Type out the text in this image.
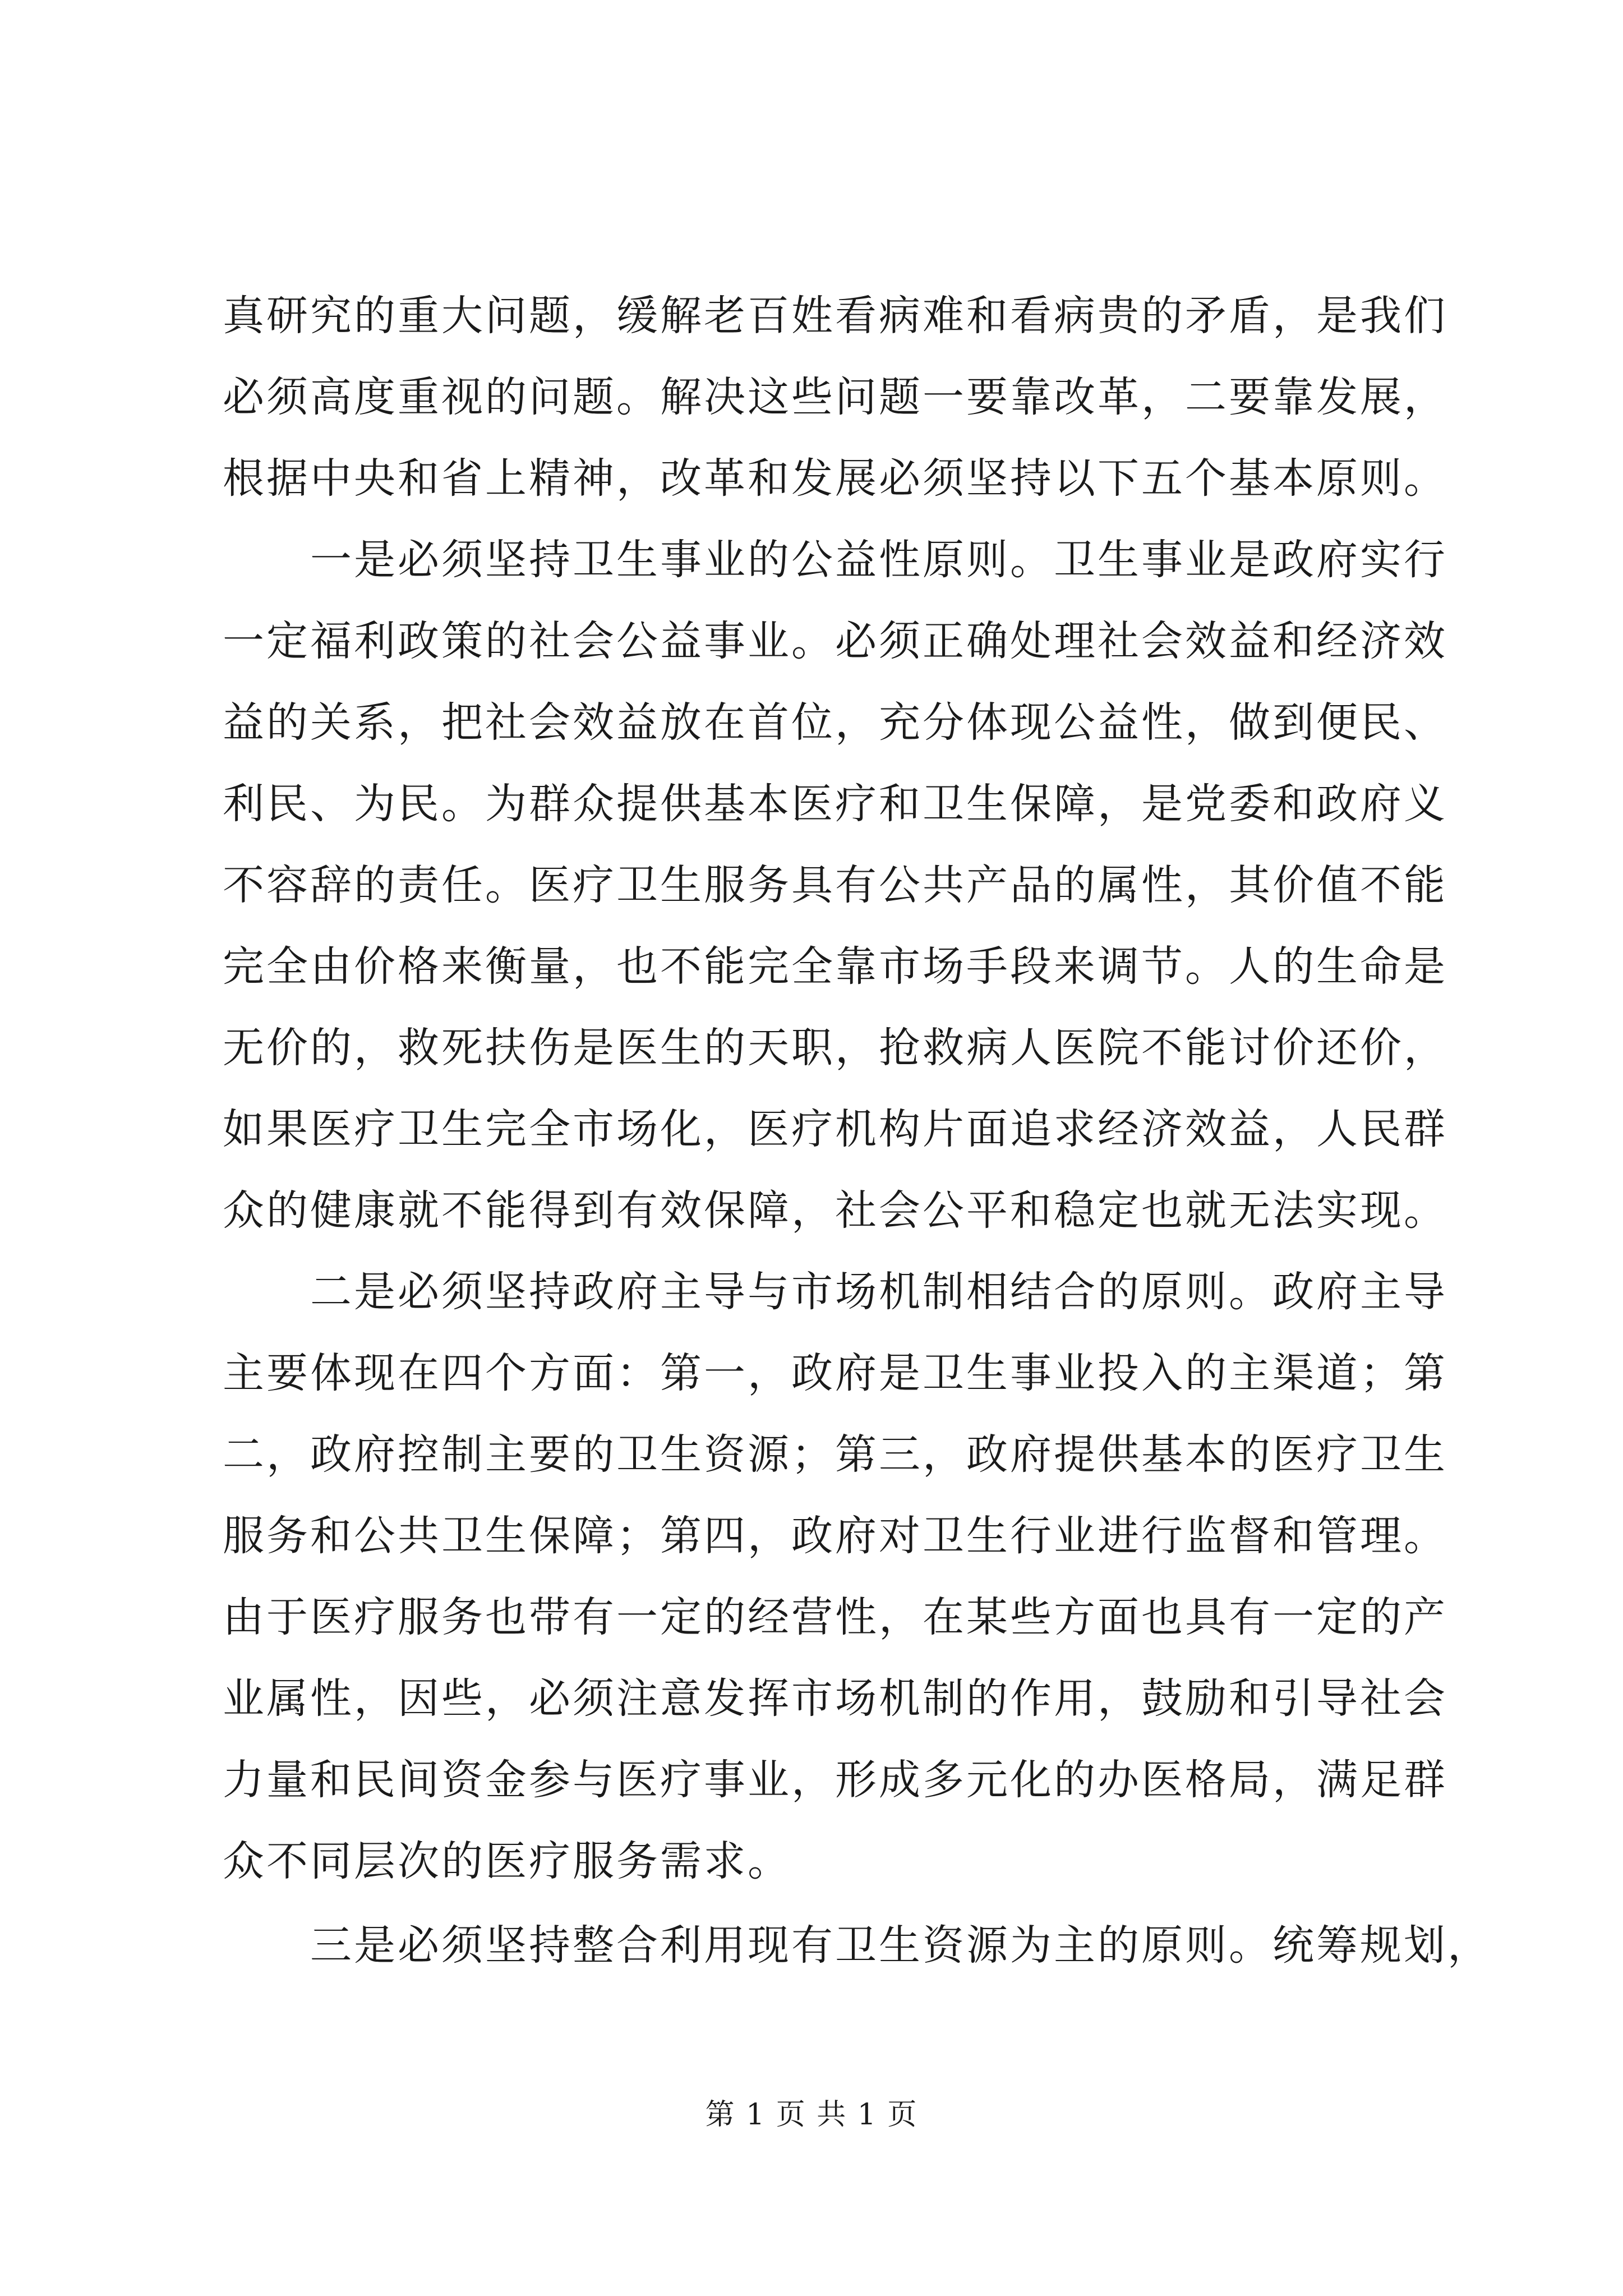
真研究的重大问题，缓解老百姓看病难和看病贵的矛盾，是我们
必须高度重视的问题。解决这些问题一要靠改革，二要靠发展，
根据中央和省上精神，改革和发展必须坚持以下五个基本原则。
　　一是必须坚持卫生事业的公益性原则。卫生事业是政府实行
一定福利政策的社会公益事业。必须正确处理社会效益和经济效
益的关系，把社会效益放在首位，充分体现公益性，做到便民、
利民、为民。为群众提供基本医疗和卫生保障，是党委和政府义
不容辞的责任。医疗卫生服务具有公共产品的属性，其价值不能
完全由价格来衡量，也不能完全靠市场手段来调节。人的生命是
无价的，救死扶伤是医生的天职，抢救病人医院不能讨价还价，
如果医疗卫生完全市场化，医疗机构片面追求经济效益，人民群
众的健康就不能得到有效保障，社会公平和稳定也就无法实现。
　　二是必须坚持政府主导与市场机制相结合的原则。政府主导
主要体现在四个方面：第一，政府是卫生事业投入的主渠道；第
二，政府控制主要的卫生资源；第三，政府提供基本的医疗卫生
服务和公共卫生保障；第四，政府对卫生行业进行监督和管理。
由于医疗服务也带有一定的经营性，在某些方面也具有一定的产
业属性，因些，必须注意发挥市场机制的作用，鼓励和引导社会
力量和民间资金参与医疗事业，形成多元化的办医格局，满足群
众不同层次的医疗服务需求。
　　三是必须坚持整合利用现有卫生资源为主的原则。统筹规划，
第 1 页 共 1 页
